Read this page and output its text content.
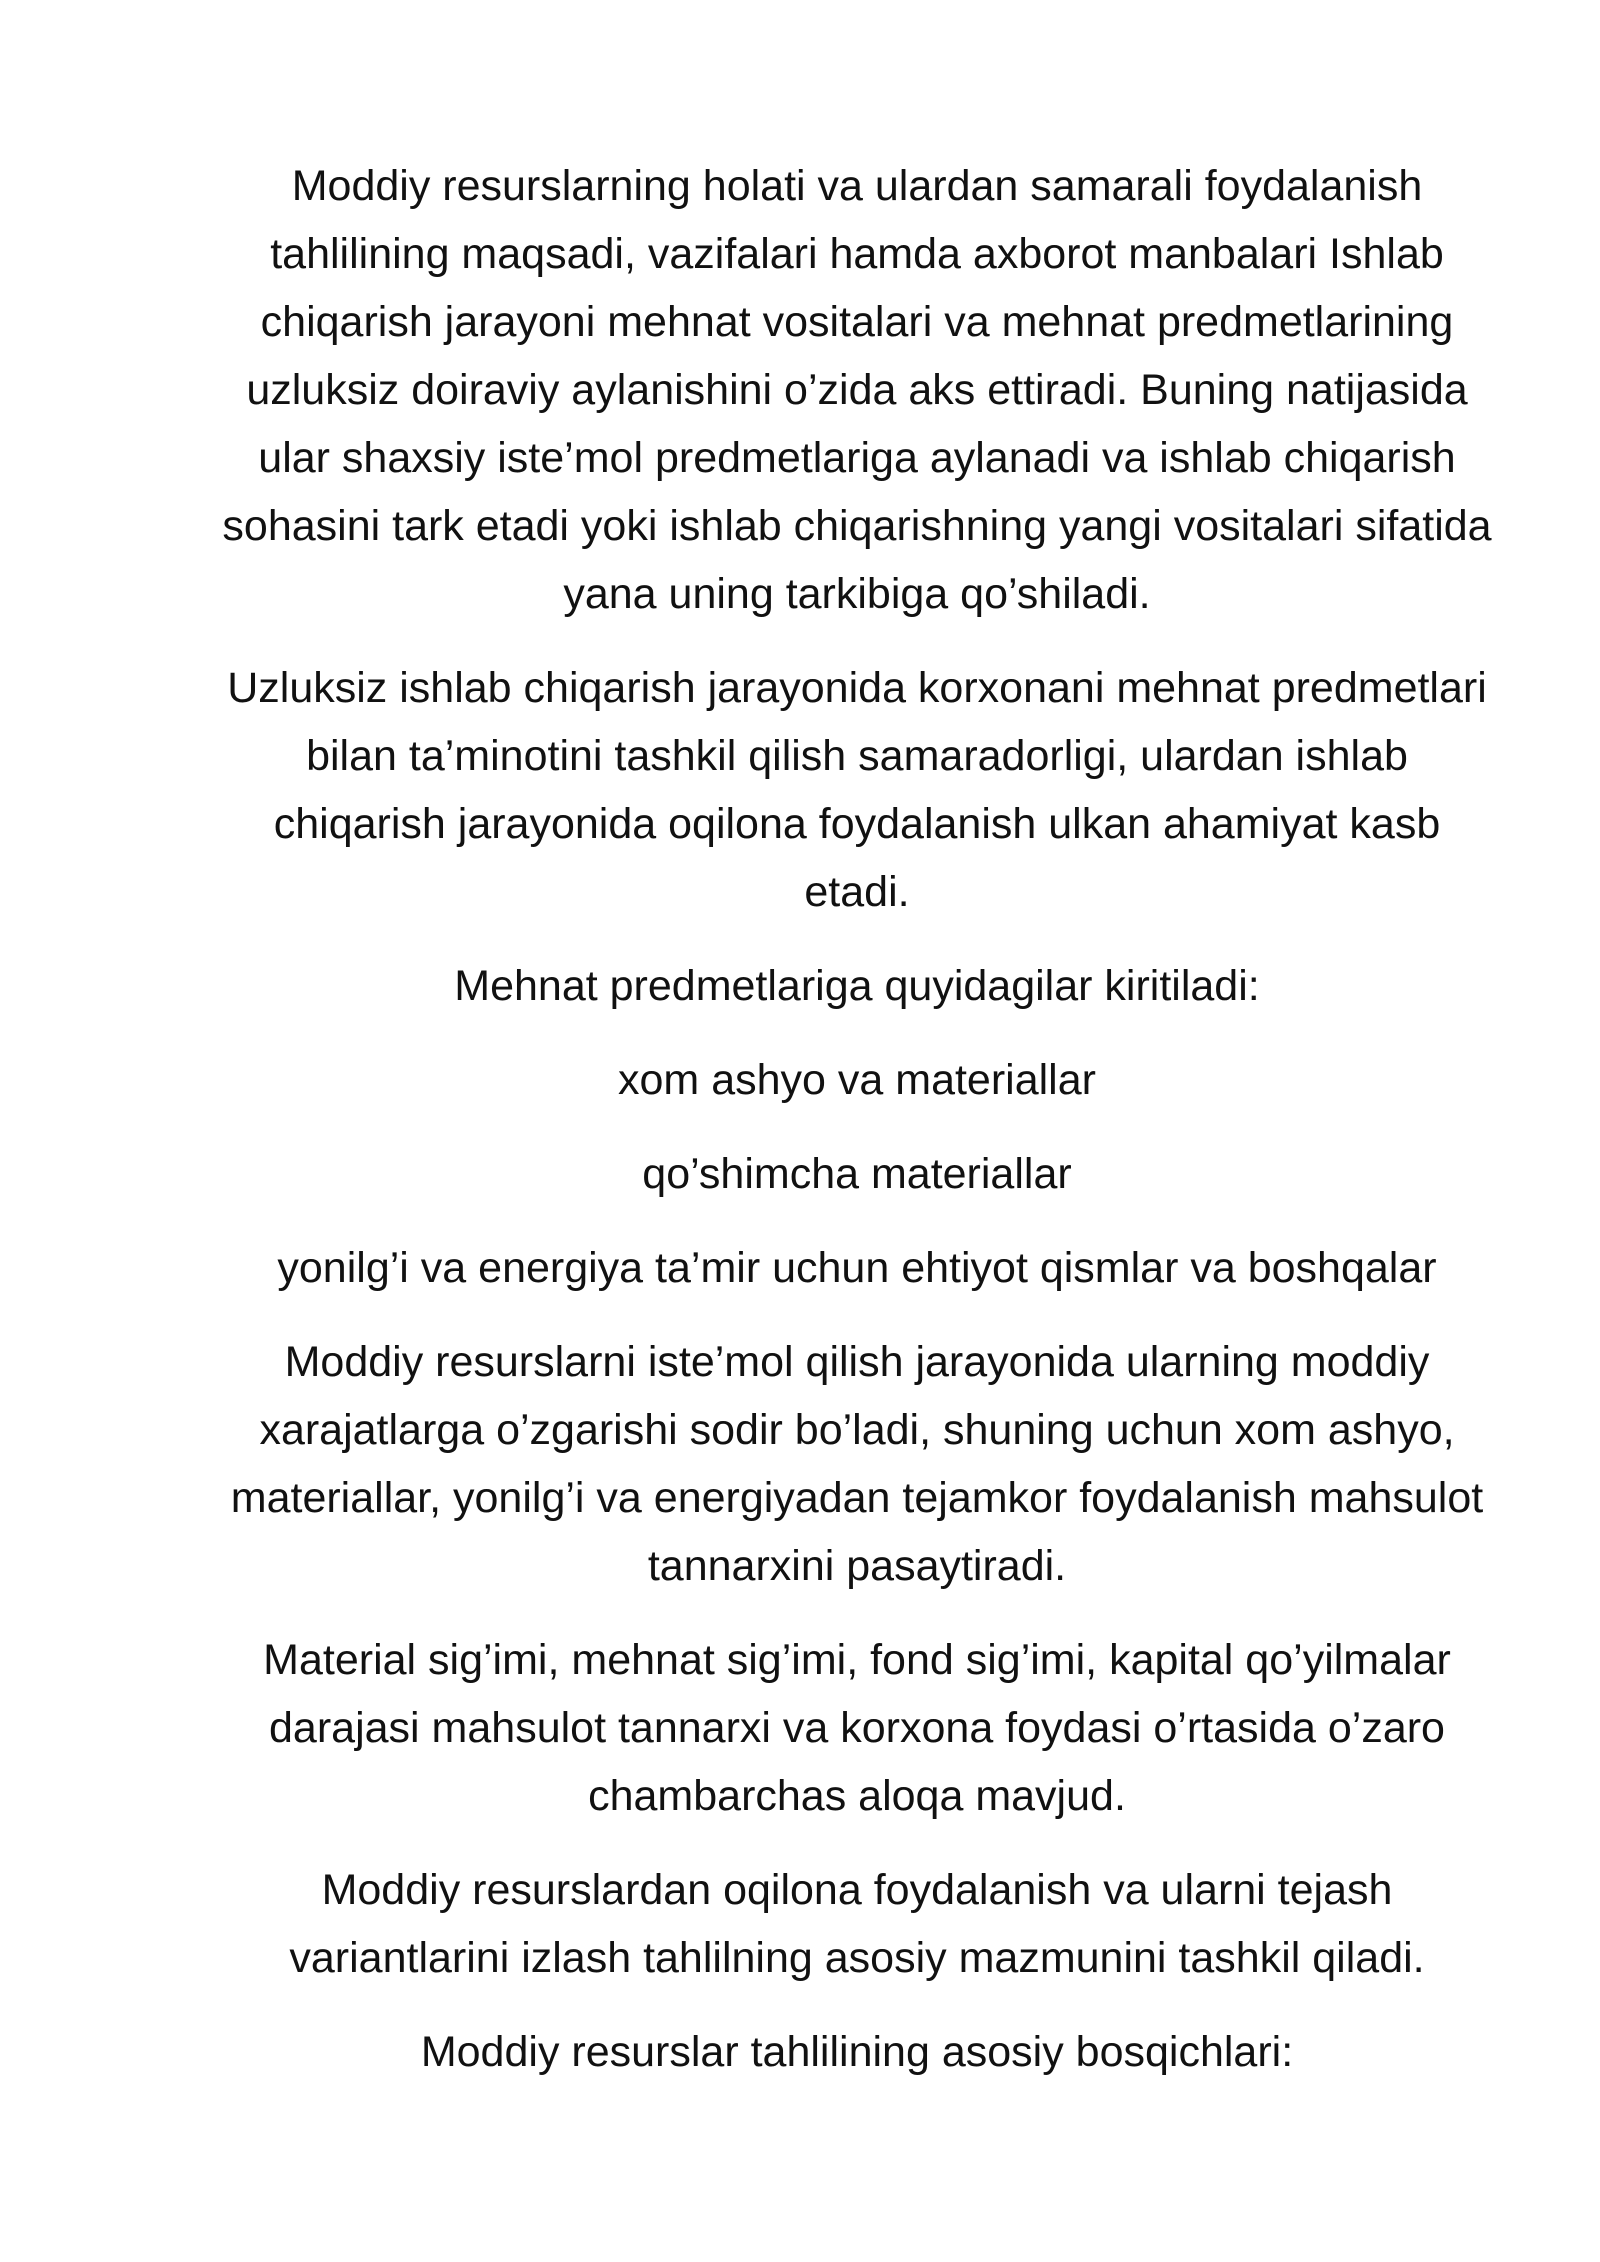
Moddiy resurslarning holati va ulardan samarali foydalanish tahlilining maqsadi, vazifalari hamda axborot manbalari Ishlab chiqarish jarayoni mehnat vositalari va mehnat predmetlarining uzluksiz doiraviy aylanishini o’zida aks ettiradi. Buning natijasida ular shaxsiy iste’mol predmetlariga aylanadi va ishlab chiqarish sohasini tark etadi yoki ishlab chiqarishning yangi vositalari sifatida yana uning tarkibiga qo’shiladi.

Uzluksiz ishlab chiqarish jarayonida korxonani mehnat predmetlari bilan ta’minotini tashkil qilish samaradorligi, ulardan ishlab chiqarish jarayonida oqilona foydalanish ulkan ahamiyat kasb etadi.

Mehnat predmetlariga quyidagilar kiritiladi:

xom ashyo va materiallar

qo’shimcha materiallar

yonilg’i va energiya ta’mir uchun ehtiyot qismlar va boshqalar

Moddiy resurslarni iste’mol qilish jarayonida ularning moddiy xarajatlarga o’zgarishi sodir bo’ladi, shuning uchun xom ashyo, materiallar, yonilg’i va energiyadan tejamkor foydalanish mahsulot tannarxini pasaytiradi.

Material sig’imi, mehnat sig’imi, fond sig’imi, kapital qo’yilmalar darajasi mahsulot tannarxi va korxona foydasi o’rtasida o’zaro chambarchas aloqa mavjud.

Moddiy resurslardan oqilona foydalanish va ularni tejash variantlarini izlash tahlilning asosiy mazmunini tashkil qiladi.

Moddiy resurslar tahlilining asosiy bosqichlari:
